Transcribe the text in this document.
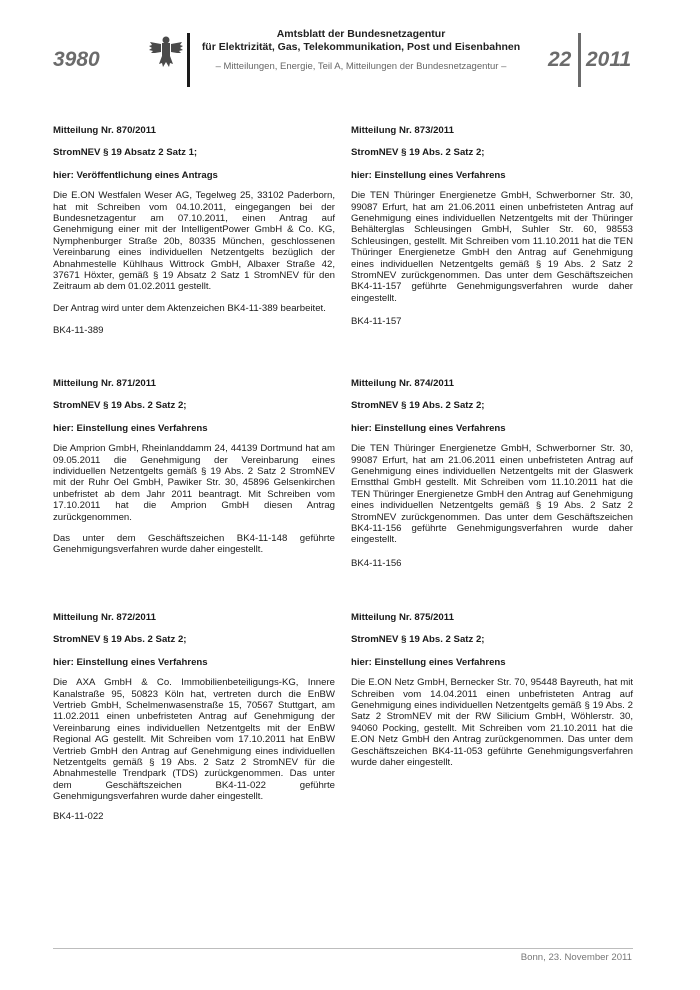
3980
Amtsblatt der Bundesnetzagentur
für Elektrizität, Gas, Telekommunikation, Post und Eisenbahnen
– Mitteilungen, Energie, Teil A, Mitteilungen der Bundesnetzagentur –	22 2011
Mitteilung Nr. 870/2011
StromNEV § 19 Absatz 2 Satz 1;
hier: Veröffentlichung eines Antrags

Die E.ON Westfalen Weser AG, Tegelweg 25, 33102 Paderborn, hat mit Schreiben vom 04.10.2011, eingegangen bei der Bundesnetzagentur am 07.10.2011, einen Antrag auf Genehmigung einer mit der IntelligentPower GmbH & Co. KG, Nymphenburger Straße 20b, 80335 München, geschlossenen Vereinbarung eines individuellen Netzentgelts bezüglich der Abnahmestelle Kühlhaus Wittrock GmbH, Albaxer Straße 42, 37671 Höxter, gemäß § 19 Absatz 2 Satz 1 StromNEV für den Zeitraum ab dem 01.02.2011 gestellt.

Der Antrag wird unter dem Aktenzeichen BK4-11-389 bearbeitet.

BK4-11-389
Mitteilung Nr. 873/2011
StromNEV § 19 Abs. 2 Satz 2;
hier: Einstellung eines Verfahrens

Die TEN Thüringer Energienetze GmbH, Schwerborner Str. 30, 99087 Erfurt, hat am 21.06.2011 einen unbefristeten Antrag auf Genehmigung eines individuellen Netzentgelts mit der Thüringer Behälterglas Schleusingen GmbH, Suhler Str. 60, 98553 Schleusingen, gestellt. Mit Schreiben vom 11.10.2011 hat die TEN Thüringer Energienetze GmbH den Antrag auf Genehmigung eines individuellen Netzentgelts gemäß § 19 Abs. 2 Satz 2 StromNEV zurückgenommen. Das unter dem Geschäftszeichen BK4-11-157 geführte Genehmigungsverfahren wurde daher eingestellt.

BK4-11-157
Mitteilung Nr. 871/2011
StromNEV § 19 Abs. 2 Satz 2;
hier: Einstellung eines Verfahrens

Die Amprion GmbH, Rheinlanddamm 24, 44139 Dortmund hat am 09.05.2011 die Genehmigung der Vereinbarung eines individuellen Netzentgelts gemäß § 19 Abs. 2 Satz 2 StromNEV mit der Ruhr Oel GmbH, Pawiker Str. 30, 45896 Gelsenkirchen unbefristet ab dem Jahr 2011 beantragt. Mit Schreiben vom 17.10.2011 hat die Amprion GmbH diesen Antrag zurückgenommen.

Das unter dem Geschäftszeichen BK4-11-148 geführte Genehmigungsverfahren wurde daher eingestellt.

Mitteilung Nr. 874/2011
StromNEV § 19 Abs. 2 Satz 2;
hier: Einstellung eines Verfahrens

Die TEN Thüringer Energienetze GmbH, Schwerborner Str. 30, 99087 Erfurt, hat am 21.06.2011 einen unbefristeten Antrag auf Genehmigung eines individuellen Netzentgelts mit der Glaswerk Ernstthal GmbH gestellt. Mit Schreiben vom 11.10.2011 hat die TEN Thüringer Energienetze GmbH den Antrag auf Genehmigung eines individuellen Netzentgelts gemäß § 19 Abs. 2 Satz 2 StromNEV zurückgenommen. Das unter dem Geschäftszeichen BK4-11-156 geführte Genehmigungsverfahren wurde daher eingestellt.

BK4-11-156
Mitteilung Nr. 872/2011
StromNEV § 19 Abs. 2 Satz 2;
hier: Einstellung eines Verfahrens

Die AXA GmbH & Co. Immobilienbeteiligungs-KG, Innere Kanalstraße 95, 50823 Köln hat, vertreten durch die EnBW Vertrieb GmbH, Schelmenwasenstraße 15, 70567 Stuttgart, am 11.02.2011 einen unbefristeten Antrag auf Genehmigung der Vereinbarung eines individuellen Netzentgelts mit der EnBW Regional AG gestellt. Mit Schreiben vom 17.10.2011 hat EnBW Vertrieb GmbH den Antrag auf Genehmigung eines individuellen Netzentgelts gemäß § 19 Abs. 2 Satz 2 StromNEV für die Abnahmestelle Trendpark (TDS) zurückgenommen. Das unter dem Geschäftszeichen BK4-11-022 geführte Genehmigungsverfahren wurde daher eingestellt.

BK4-11-022
Mitteilung Nr. 875/2011
StromNEV § 19 Abs. 2 Satz 2;
hier: Einstellung eines Verfahrens

Die E.ON Netz GmbH, Bernecker Str. 70, 95448 Bayreuth, hat mit Schreiben vom 14.04.2011 einen unbefristeten Antrag auf Genehmigung eines individuellen Netzentgelts gemäß § 19 Abs. 2 Satz 2 StromNEV mit der RW Silicium GmbH, Wöhlerstr. 30, 94060 Pocking, gestellt. Mit Schreiben vom 21.10.2011 hat die E.ON Netz GmbH den Antrag zurückgenommen. Das unter dem Geschäftszeichen BK4-11-053 geführte Genehmigungsverfahren wurde daher eingestellt.

Bonn, 23. November 2011
